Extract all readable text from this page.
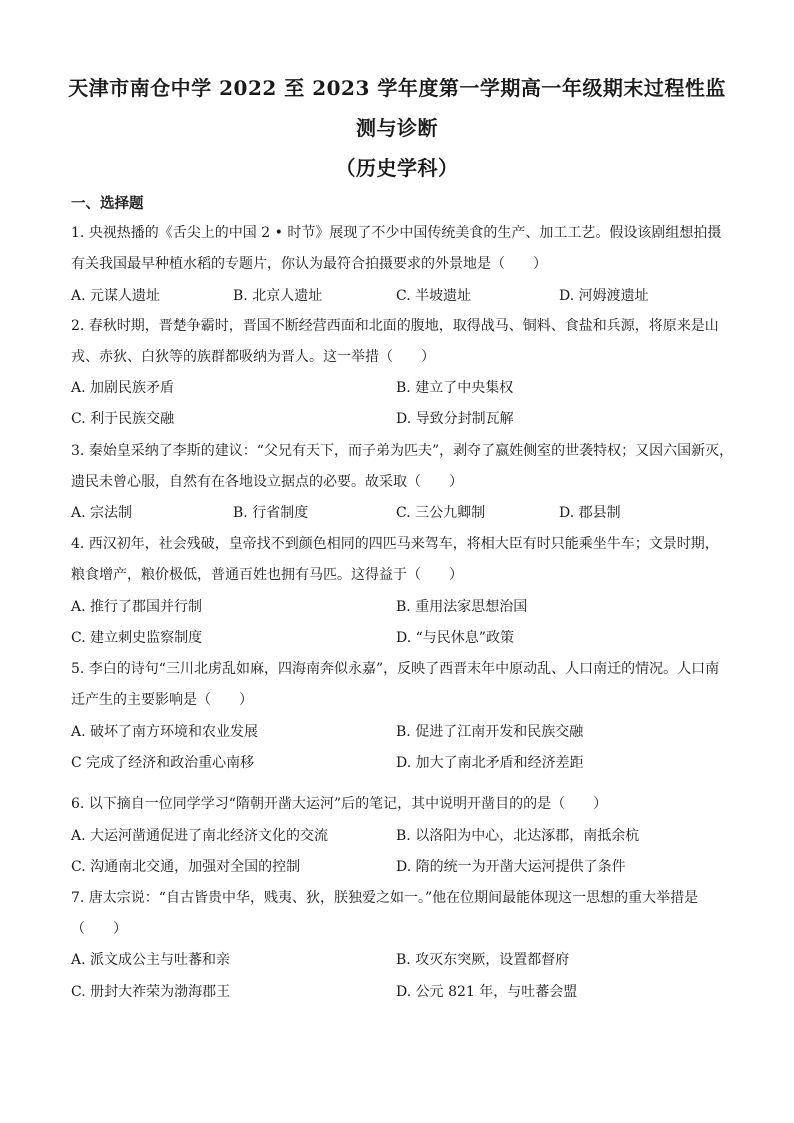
天津市南仓中学 2022 至 2023 学年度第一学期高一年级期末过程性监
测与诊断
（历史学科）
一、选择题
1. 央视热播的《舌尖上的中国 2 • 时节》展现了不少中国传统美食的生产、加工工艺。假设该剧组想拍摄
有关我国最早种植水稻的专题片，你认为最符合拍摄要求的外景地是（　　）
A. 元谋人遗址	B. 北京人遗址	C. 半坡遗址	D. 河姆渡遗址
2. 春秋时期，晋楚争霸时，晋国不断经营西面和北面的腹地，取得战马、铜料、食盐和兵源，将原来是山
戎、赤狄、白狄等的族群都吸纳为晋人。这一举措（　　）
A. 加剧民族矛盾	B. 建立了中央集权
C. 利于民族交融	D. 导致分封制瓦解
3. 秦始皇采纳了李斯的建议：“父兄有天下，而子弟为匹夫”，剥夺了嬴姓侧室的世袭特权；又因六国新灭，
遗民未曾心服，自然有在各地设立据点的必要。故采取（　　）
A. 宗法制	B. 行省制度	C. 三公九卿制	D. 郡县制
4. 西汉初年，社会残破，皇帝找不到颜色相同的四匹马来驾车，将相大臣有时只能乘坐牛车；文景时期，
粮食增产，粮价极低，普通百姓也拥有马匹。这得益于（　　）
A. 推行了郡国并行制	B. 重用法家思想治国
C. 建立刺史监察制度	D. “与民休息”政策
5. 李白的诗句“三川北虏乱如麻，四海南奔似永嘉”，反映了西晋末年中原动乱、人口南迁的情况。人口南
迁产生的主要影响是（　　）
A. 破坏了南方环境和农业发展	B. 促进了江南开发和民族交融
C 完成了经济和政治重心南移	D. 加大了南北矛盾和经济差距
6. 以下摘自一位同学学习“隋朝开凿大运河”后的笔记，其中说明开凿目的的是（　　）
A. 大运河凿通促进了南北经济文化的交流	B. 以洛阳为中心，北达涿郡，南抵余杭
C. 沟通南北交通，加强对全国的控制	D. 隋的统一为开凿大运河提供了条件
7. 唐太宗说：“自古皆贵中华，贱夷、狄，朕独爱之如一。”他在位期间最能体现这一思想的重大举措是
（　　）
A. 派文成公主与吐蕃和亲	B. 攻灭东突厥，设置都督府
C. 册封大祚荣为渤海郡王	D. 公元 821 年，与吐蕃会盟
